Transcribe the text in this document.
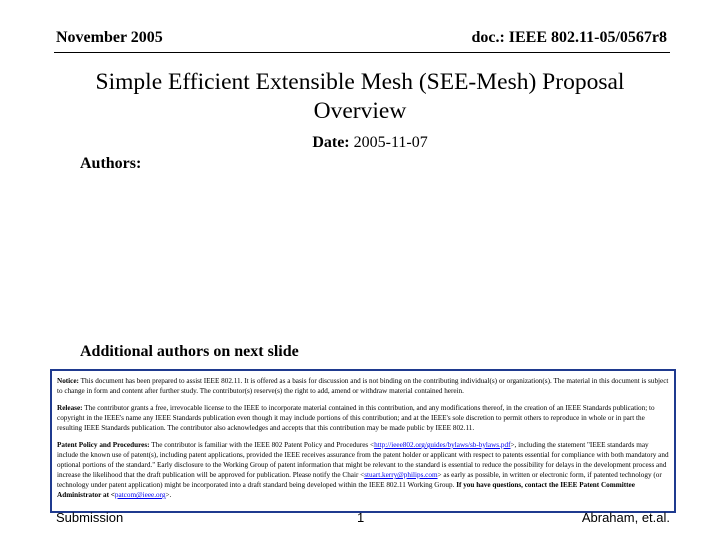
November 2005	doc.: IEEE 802.11-05/0567r8
Simple Efficient Extensible Mesh (SEE-Mesh) Proposal
Overview
Date: 2005-11-07
Authors:
Additional authors on next slide

Notice: This document has been prepared to assist IEEE 802.11. It is offered as a basis for discussion and is not binding on the contributing individual(s) or organization(s). The material in this document is subject to change in form and content after further study. The contributor(s) reserve(s) the right to add, amend or withdraw material contained herein.

Release: The contributor grants a free, irrevocable license to the IEEE to incorporate material contained in this contribution, and any modifications thereof, in the creation of an IEEE Standards publication; to copyright in the IEEE's name any IEEE Standards publication even though it may include portions of this contribution; and at the IEEE's sole discretion to permit others to reproduce in whole or in part the resulting IEEE Standards publication. The contributor also acknowledges and accepts that this contribution may be made public by IEEE 802.11.

Patent Policy and Procedures: The contributor is familiar with the IEEE 802 Patent Policy and Procedures <http://ieee802.org/guides/bylaws/sb-bylaws.pdf>, including the statement "IEEE standards may include the known use of patent(s), including patent applications, provided the IEEE receives assurance from the patent holder or applicant with respect to patents essential for compliance with both mandatory and optional portions of the standard." Early disclosure to the Working Group of patent information that might be relevant to the standard is essential to reduce the possibility for delays in the development process and increase the likelihood that the draft publication will be approved for publication. Please notify the Chair <stuart.kerry@philips.com> as early as possible, in written or electronic form, if patented technology (or technology under patent application) might be incorporated into a draft standard being developed within the IEEE 802.11 Working Group. If you have questions, contact the IEEE Patent Committee Administrator at <patcom@ieee.org>.

Submission	1	Abraham, et.al.
